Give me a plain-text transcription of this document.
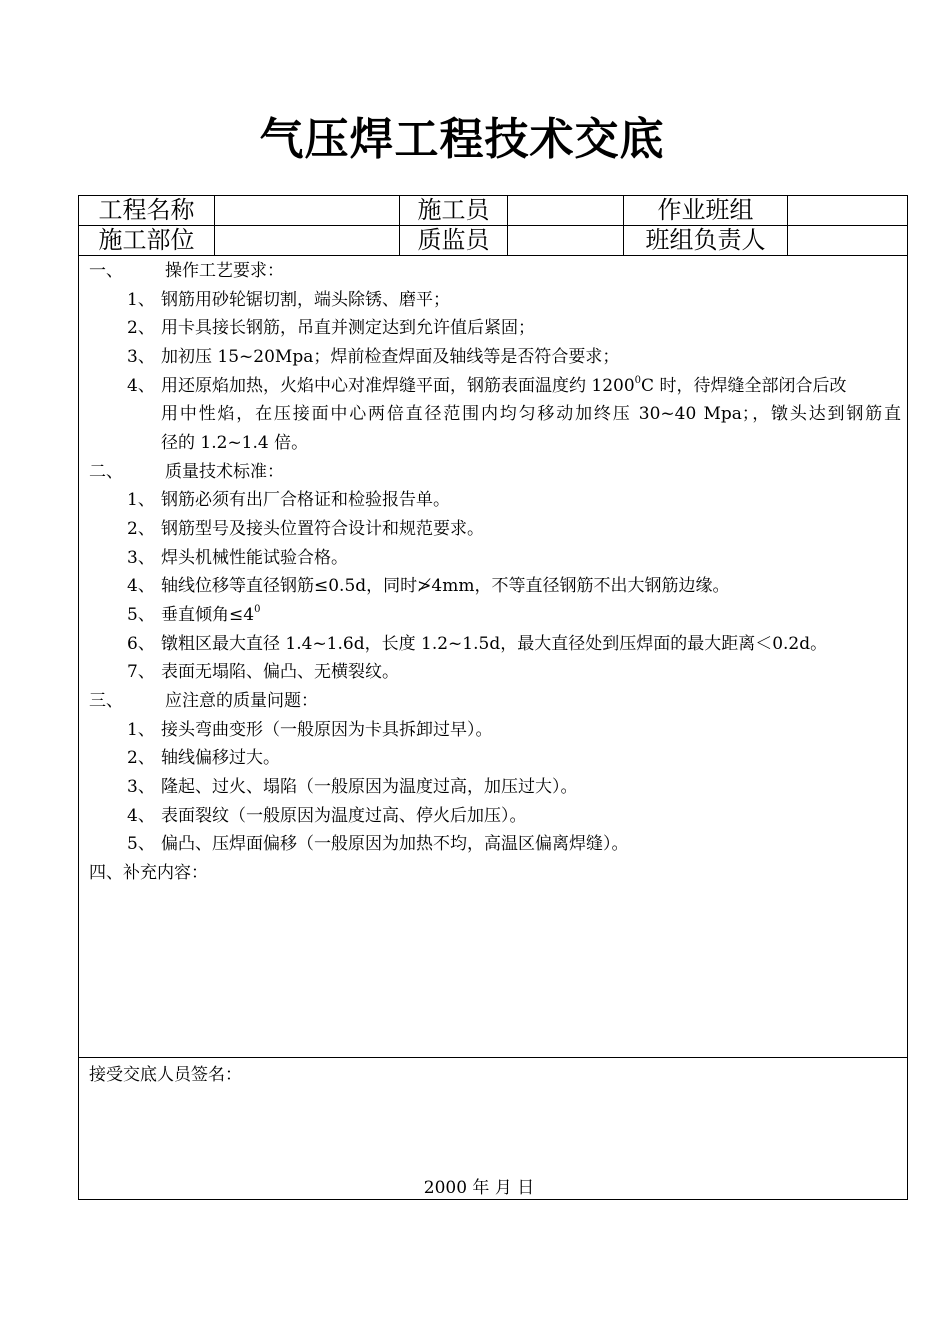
气压焊工程技术交底
工程名称	施工员	作业班组
施工部位	质监员	班组负责人
一、 操作工艺要求：
1、 钢筋用砂轮锯切割，端头除锈、磨平；
2、 用卡具接长钢筋，吊直并测定达到允许值后紧固；
3、 加初压 15~20Mpa；焊前检查焊面及轴线等是否符合要求；
4、 用还原焰加热，火焰中心对准焊缝平面，钢筋表面温度约 1200$^0$C 时，待焊缝全部闭合后改
用中性焰，在压接面中心两倍直径范围内均匀移动加终压 30~40 Mpa；，镦头达到钢筋直
径的 1.2~1.4 倍。
二、 质量技术标准：
1、 钢筋必须有出厂合格证和检验报告单。
2、 钢筋型号及接头位置符合设计和规范要求。
3、 焊头机械性能试验合格。
4、 轴线位移等直径钢筋≤0.5d，同时≯4mm，不等直径钢筋不出大钢筋边缘。
5、 垂直倾角$\le 4^0$
6、 镦粗区最大直径 1.4~1.6d，长度 1.2~1.5d，最大直径处到压焊面的最大距离＜0.2d。
7、 表面无塌陷、偏凸、无横裂纹。
三、 应注意的质量问题：
1、 接头弯曲变形（一般原因为卡具拆卸过早）。
2、 轴线偏移过大。
3、 隆起、过火、塌陷（一般原因为温度过高，加压过大）。
4、 表面裂纹（一般原因为温度过高、停火后加压）。
5、 偏凸、压焊面偏移（一般原因为加热不均，高温区偏离焊缝）。
四、补充内容：
接受交底人员签名：
2000 年 月 日
